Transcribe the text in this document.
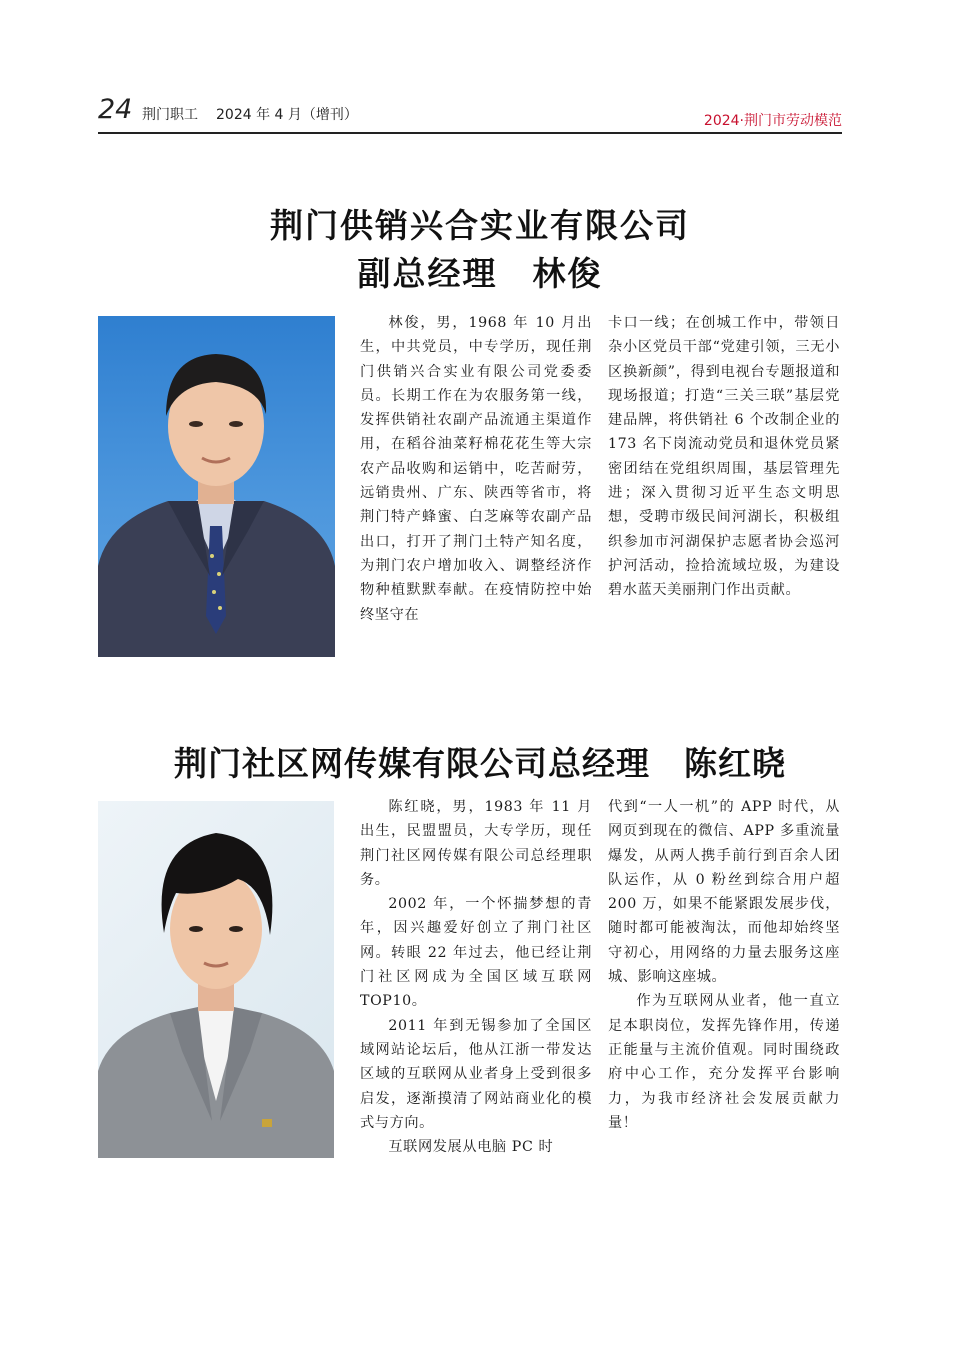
24 荆门职工 2024 年 4 月（增刊）	2024·荆门市劳动模范
荆门供销兴合实业有限公司
副总经理　林俊

林俊，男，1968 年 10 月出生，中共党员，中专学历，现任荆门供销兴合实业有限公司党委委员。长期工作在为农服务第一线，发挥供销社农副产品流通主渠道作用，在稻谷油菜籽棉花花生等大宗农产品收购和运销中，吃苦耐劳，远销贵州、广东、陕西等省市，将荆门特产蜂蜜、白芝麻等农副产品出口，打开了荆门土特产知名度，为荆门农户增加收入、调整经济作物种植默默奉献。在疫情防控中始终坚守在

卡口一线；在创城工作中，带领日杂小区党员干部“党建引领，三无小区换新颜”，得到电视台专题报道和现场报道；打造“三关三联”基层党建品牌，将供销社 6 个改制企业的 173 名下岗流动党员和退休党员紧密团结在党组织周围，基层管理先进；深入贯彻习近平生态文明思想，受聘市级民间河湖长，积极组织参加市河湖保护志愿者协会巡河护河活动，捡拾流域垃圾，为建设碧水蓝天美丽荆门作出贡献。

荆门社区网传媒有限公司总经理　陈红晓

陈红晓，男，1983 年 11 月出生，民盟盟员，大专学历，现任荆门社区网传媒有限公司总经理职务。

2002 年，一个怀揣梦想的青年，因兴趣爱好创立了荆门社区网。转眼 22 年过去，他已经让荆门社区网成为全国区域互联网 TOP10。

2011 年到无锡参加了全国区域网站论坛后，他从江浙一带发达区域的互联网从业者身上受到很多启发，逐渐摸清了网站商业化的模式与方向。

互联网发展从电脑 PC 时

代到“一人一机”的 APP 时代，从网页到现在的微信、APP 多重流量爆发，从两人携手前行到百余人团队运作，从 0 粉丝到综合用户超 200 万，如果不能紧跟发展步伐，随时都可能被淘汰，而他却始终坚守初心，用网络的力量去服务这座城、影响这座城。

作为互联网从业者，他一直立足本职岗位，发挥先锋作用，传递正能量与主流价值观。同时围绕政府中心工作，充分发挥平台影响力，为我市经济社会发展贡献力量！
